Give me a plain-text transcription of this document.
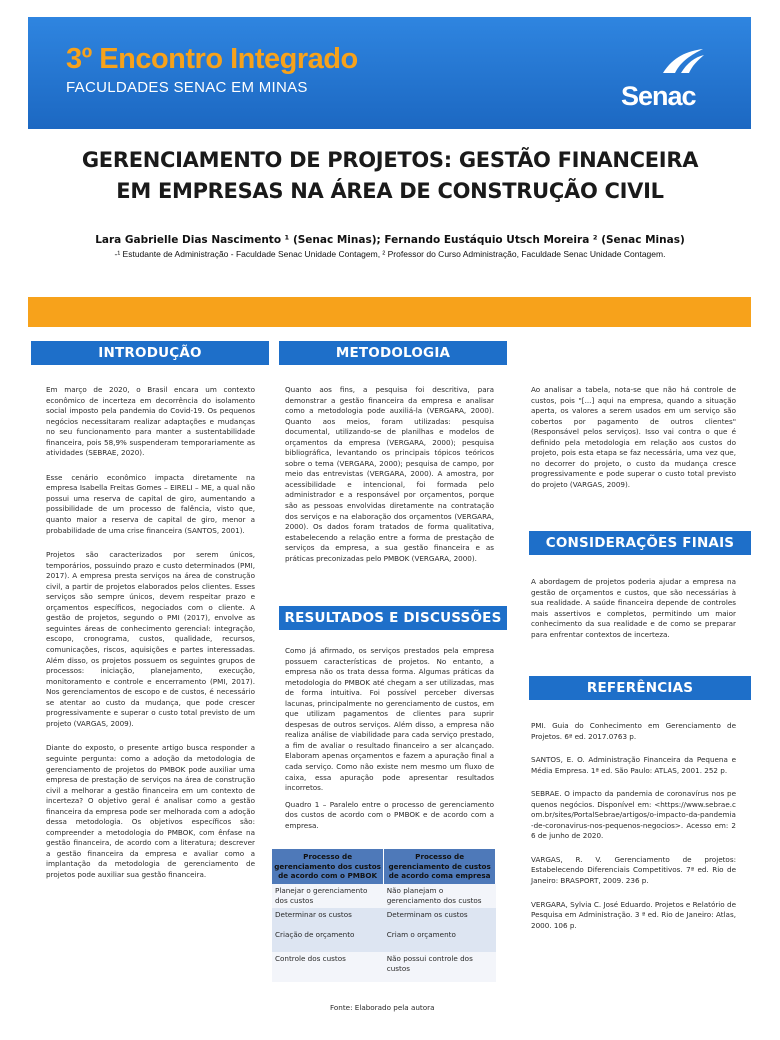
3º Encontro Integrado
FACULDADES SENAC EM MINAS	Senac
GERENCIAMENTO DE PROJETOS: GESTÃO FINANCEIRA
EM EMPRESAS NA ÁREA DE CONSTRUÇÃO CIVIL
Lara Gabrielle Dias Nascimento ¹ (Senac Minas); Fernando Eustáquio Utsch Moreira ² (Senac Minas)
-¹ Estudante de Administração - Faculdade Senac Unidade Contagem, ² Professor do Curso Administração, Faculdade Senac Unidade Contagem.
INTRODUÇÃO

Em março de 2020, o Brasil encara um contexto econômico de incerteza em decorrência do isolamento social imposto pela pandemia do Covid-19. Os pequenos negócios necessitaram realizar adaptações e mudanças no seu funcionamento para manter a sustentabilidade financeira, pois 58,9% suspenderam temporariamente as atividades (SEBRAE, 2020).

Esse cenário econômico impacta diretamente na empresa Isabella Freitas Gomes – EIRELI – ME, a qual não possui uma reserva de capital de giro, aumentando a possibilidade de um processo de falência, visto que, quanto maior a reserva de capital de giro, menor a probabilidade de uma crise financeira (SANTOS, 2001).

Projetos são caracterizados por serem únicos, temporários, possuindo prazo e custo determinados (PMI, 2017). A empresa presta serviços na área de construção civil, a partir de projetos elaborados pelos clientes. Esses serviços são sempre únicos, devem respeitar prazo e orçamentos específicos, negociados com o cliente. A gestão de projetos, segundo o PMI (2017), envolve as seguintes áreas de conhecimento gerencial: integração, escopo, cronograma, custos, qualidade, recursos, comunicações, riscos, aquisições e partes interessadas. Além disso, os projetos possuem os seguintes grupos de processos: iniciação, planejamento, execução, monitoramento e controle e encerramento (PMI, 2017). Nos gerenciamentos de escopo e de custos, é necessário se atentar ao custo da mudança, que pode crescer progressivamente e superar o custo total previsto de um projeto (VARGAS, 2009).

Diante do exposto, o presente artigo busca responder a seguinte pergunta: como a adoção da metodologia de gerenciamento de projetos do PMBOK pode auxiliar uma empresa de prestação de serviços na área de construção civil a melhorar a gestão financeira em um contexto de incerteza? O objetivo geral é analisar como a gestão financeira da empresa pode ser melhorada com a adoção dessa metodologia. Os objetivos específicos são: compreender a metodologia do PMBOK, com ênfase na gestão financeira, de acordo com a literatura; descrever a gestão financeira da empresa e avaliar como a implantação da metodologia de gerenciamento de projetos pode auxiliar sua gestão financeira.

METODOLOGIA

Quanto aos fins, a pesquisa foi descritiva, para demonstrar a gestão financeira da empresa e analisar como a metodologia pode auxiliá-la (VERGARA, 2000). Quanto aos meios, foram utilizadas: pesquisa documental, utilizando-se de planilhas e modelos de orçamentos da empresa (VERGARA, 2000); pesquisa bibliográfica, levantando os principais tópicos teóricos sobre o tema (VERGARA, 2000); pesquisa de campo, por meio das entrevistas (VERGARA, 2000). A amostra, por acessibilidade e intencional, foi formada pelo administrador e a responsável por orçamentos, porque são as pessoas envolvidas diretamente na contratação dos serviços e na elaboração dos orçamentos (VERGARA, 2000). Os dados foram tratados de forma qualitativa, estabelecendo a relação entre a forma de prestação de serviços da empresa, a sua gestão financeira e as práticas preconizadas pelo PMBOK (VERGARA, 2000).

RESULTADOS E DISCUSSÕES

Como já afirmado, os serviços prestados pela empresa possuem características de projetos. No entanto, a empresa não os trata dessa forma. Algumas práticas da metodologia do PMBOK até chegam a ser utilizadas, mas de forma intuitiva. Foi possível perceber diversas lacunas, principalmente no gerenciamento de custos, em que utilizam pagamentos de clientes para suprir despesas de outros serviços. Além disso, a empresa não realiza análise de viabilidade para cada serviço prestado, a fim de avaliar o resultado financeiro a ser alcançado. Elaboram apenas orçamentos e fazem a apuração final a cada serviço. Como não existe nem mesmo um fluxo de caixa, essa apuração pode apresentar resultados incorretos.

Quadro 1 – Paralelo entre o processo de gerenciamento dos custos de acordo com o PMBOK e de acordo com a empresa.

Processo de gerenciamento dos custos de acordo com o PMBOK	Processo de gerenciamento de custos de acordo coma empresa
Planejar o gerenciamento dos custos	Não planejam o gerenciamento dos custos
Determinar os custos	Determinam os custos
Criação de orçamento	Criam o orçamento
Controle dos custos	Não possui controle dos custos
Fonte: Elaborado pela autora

Ao analisar a tabela, nota-se que não há controle de custos, pois "[...] aqui na empresa, quando a situação aperta, os valores a serem usados em um serviço são cobertos por pagamento de outros clientes" (Responsável pelos serviços). Isso vai contra o que é definido pela metodologia em relação aos custos do projeto, pois esta etapa se faz necessária, uma vez que, no decorrer do projeto, o custo da mudança cresce progressivamente e pode superar o custo total previsto do projeto (VARGAS, 2009).

CONSIDERAÇÕES FINAIS

A abordagem de projetos poderia ajudar a empresa na gestão de orçamentos e custos, que são necessárias à sua realidade. A saúde financeira depende de controles mais assertivos e completos, permitindo um maior conhecimento da sua realidade e de como se preparar para enfrentar contextos de incerteza.

REFERÊNCIAS

PMI. Guia do Conhecimento em Gerenciamento de Projetos. 6ª ed. 2017.0763 p.

SANTOS, E. O. Administração Financeira da Pequena e Média Empresa. 1ª ed. São Paulo: ATLAS, 2001. 252 p.

SEBRAE. O impacto da pandemia de coronavírus nos pequenos negócios. Disponível em: <https://www.sebrae.com.br/sites/PortalSebrae/artigos/o-impacto-da-pandemia-de-coronavirus-nos-pequenos-negocios>. Acesso em: 26 de junho de 2020.

VARGAS, R. V. Gerenciamento de projetos: Estabelecendo Diferenciais Competitivos. 7ª ed. Rio de Janeiro: BRASPORT, 2009. 236 p.

VERGARA, Sylvia C. José Eduardo. Projetos e Relatório de Pesquisa em Administração. 3 ª ed. Rio de Janeiro: Atlas, 2000. 106 p.
